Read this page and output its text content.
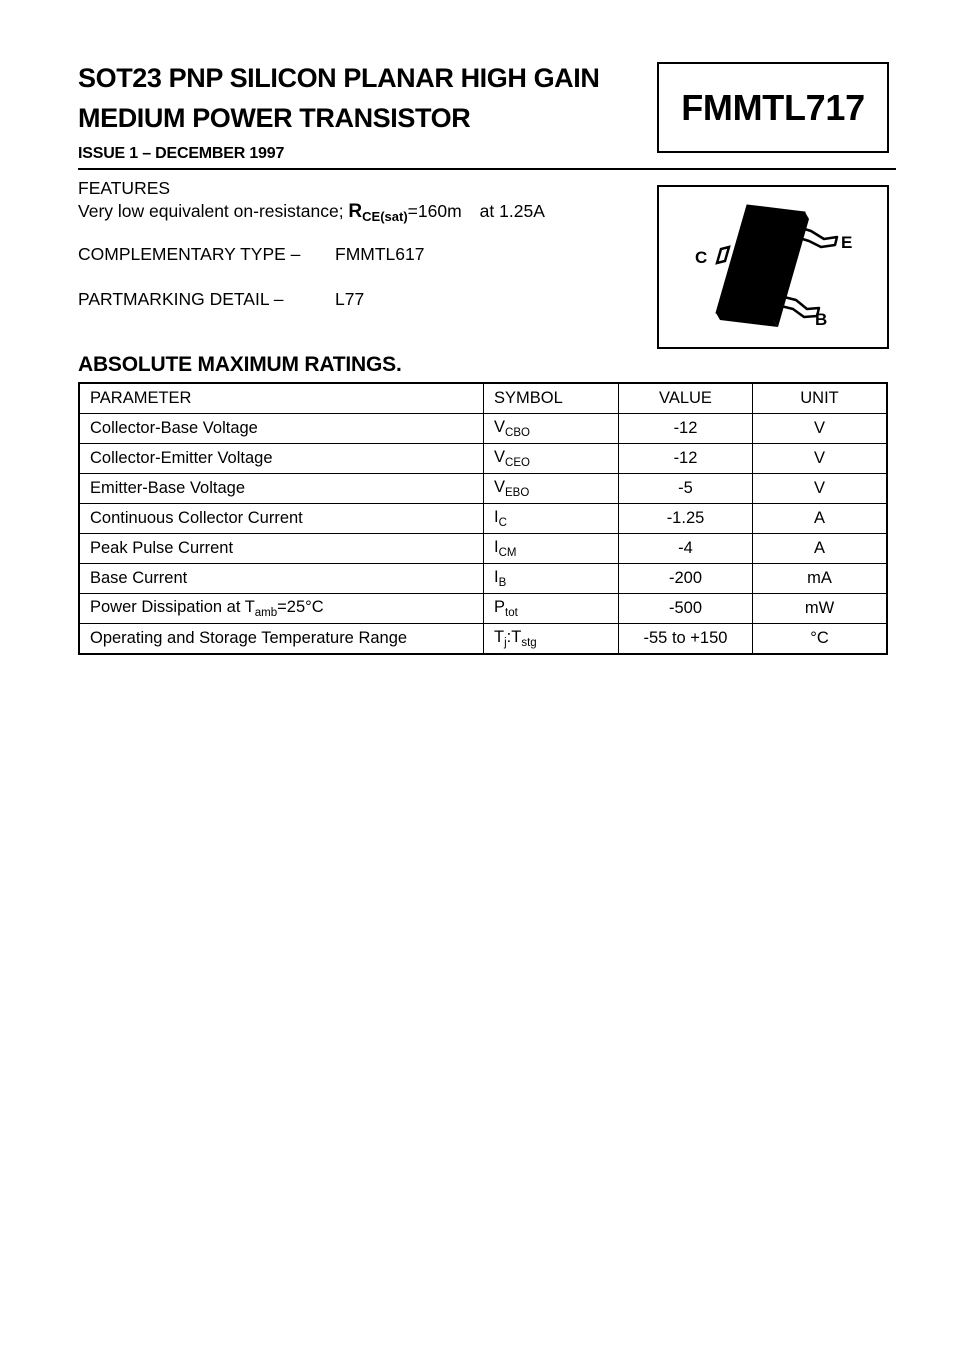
SOT23 PNP SILICON PLANAR HIGH GAIN
MEDIUM POWER TRANSISTOR	FMMTL717
ISSUE 1 – DECEMBER 1997
FEATURES
Very low equivalent on-resistance; $R_{CE(sat)}=160m$ at 1.25A
COMPLEMENTARY TYPE – FMMTL617
PARTMARKING DETAIL –	L77
C
E
B
ABSOLUTE MAXIMUM RATINGS.
PARAMETER	SYMBOL	VALUE	UNIT
Collector-Base Voltage	$V_{CBO}$	-12	V
Collector-Emitter Voltage	$V_{CEO}$	-12	V
Emitter-Base Voltage	$V_{EBO}$	-5	V
Continuous Collector Current	$I_C$	-1.25	A
Peak Pulse Current	$I_{CM}$	-4	A
Base Current	$I_B$	-200	mA
Power Dissipation at $T_{amb}=25^\circ C$	$P_{tot}$	-500	mW
Operating and Storage Temperature Range	$T_j:T_{stg}$	-55 to +150	°C
